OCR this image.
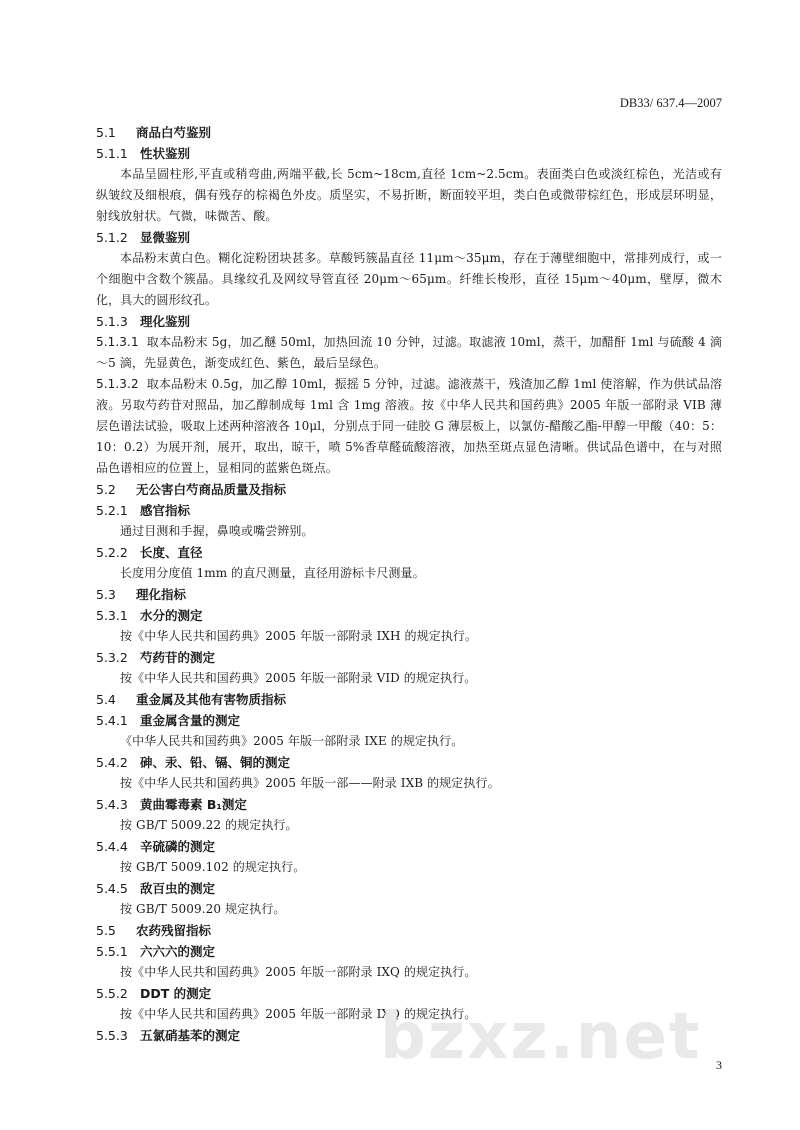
DB33/ 637.4—2007
5.1 商品白芍鉴别
5.1.1 性状鉴别
本品呈圆柱形,平直或稍弯曲,两端平截,长 5cm~18cm,直径 1cm~2.5cm。表面类白色或淡红棕色，光洁或有纵皱纹及细根痕，偶有残存的棕褐色外皮。质坚实，不易折断，断面较平坦，类白色或微带棕红色，形成层环明显，射线放射状。气微，味微苦、酸。
5.1.2 显微鉴别
本品粉末黄白色。糊化淀粉团块甚多。草酸钙簇晶直径 11μm～35μm，存在于薄壁细胞中，常排列成行，或一个细胞中含数个簇晶。具缘纹孔及网纹导管直径 20μm～65μm。纤维长梭形，直径 15μm～40μm，壁厚，微木化，具大的圆形纹孔。
5.1.3 理化鉴别
5.1.3.1 取本品粉末 5g，加乙醚 50ml，加热回流 10 分钟，过滤。取滤液 10ml，蒸干，加醋酐 1ml 与硫酸 4 滴～5 滴，先显黄色，渐变成红色、紫色，最后呈绿色。
5.1.3.2 取本品粉末 0.5g，加乙醇 10ml，振摇 5 分钟，过滤。滤液蒸干，残渣加乙醇 1ml 使溶解，作为供试品溶液。另取芍药苷对照品，加乙醇制成每 1ml 含 1mg 溶液。按《中华人民共和国药典》2005 年版一部附录 VIB 薄层色谱法试验，吸取上述两种溶液各 10μl，分别点于同一硅胶 G 薄层板上，以氯仿-醋酸乙酯-甲醇一甲酸（40：5：10：0.2）为展开剂，展开，取出，晾干，喷 5%香草醛硫酸溶液，加热至斑点显色清晰。供试品色谱中，在与对照品色谱相应的位置上，显相同的蓝紫色斑点。
5.2 无公害白芍商品质量及指标
5.2.1 感官指标
通过目测和手握，鼻嗅或嘴尝辨别。
5.2.2 长度、直径
长度用分度值 1mm 的直尺测量，直径用游标卡尺测量。
5.3 理化指标
5.3.1 水分的测定
按《中华人民共和国药典》2005 年版一部附录 IXH 的规定执行。
5.3.2 芍药苷的测定
按《中华人民共和国药典》2005 年版一部附录 VID 的规定执行。
5.4 重金属及其他有害物质指标
5.4.1 重金属含量的测定
《中华人民共和国药典》2005 年版一部附录 IXE 的规定执行。
5.4.2 砷、汞、铅、镉、铜的测定
按《中华人民共和国药典》2005 年版一部——附录 IXB 的规定执行。
5.4.3 黄曲霉毒素 B₁测定
按 GB/T 5009.22 的规定执行。
5.4.4 辛硫磷的测定
按 GB/T 5009.102 的规定执行。
5.4.5 敌百虫的测定
按 GB/T 5009.20 规定执行。
5.5 农药残留指标
5.5.1 六六六的测定
按《中华人民共和国药典》2005 年版一部附录 IXQ 的规定执行。
5.5.2 DDT 的测定
按《中华人民共和国药典》2005 年版一部附录 IXQ 的规定执行。
5.5.3 五氯硝基苯的测定	bzxz.net 3
